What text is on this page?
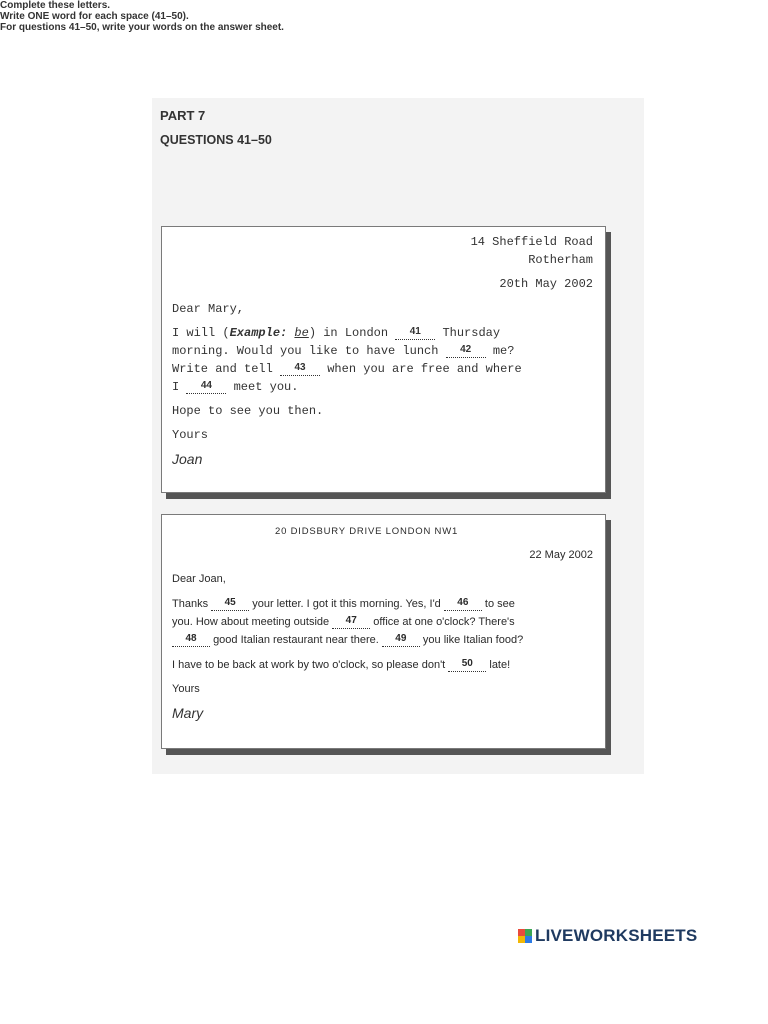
PART 7
QUESTIONS 41–50
Complete these letters.
Write ONE word for each space (41–50).
For questions 41–50, write your words on the answer sheet.
14 Sheffield Road
Rotherham
20th May 2002
Dear Mary,
I will (Example: be) in London 41 Thursday
morning. Would you like to have lunch 42 me?
Write and tell 43 when you are free and where
I 44 meet you.
Hope to see you then.
Yours
Joan
20 DIDSBURY DRIVE LONDON NW1
22 May 2002
Dear Joan,
Thanks 45 your letter. I got it this morning. Yes, I'd 46 to see
you. How about meeting outside 47 office at one o'clock? There's
48 good Italian restaurant near there. 49 you like Italian food?
I have to be back at work by two o'clock, so please don't 50 late!
Yours
Mary
LIVEWORKSHEETS
